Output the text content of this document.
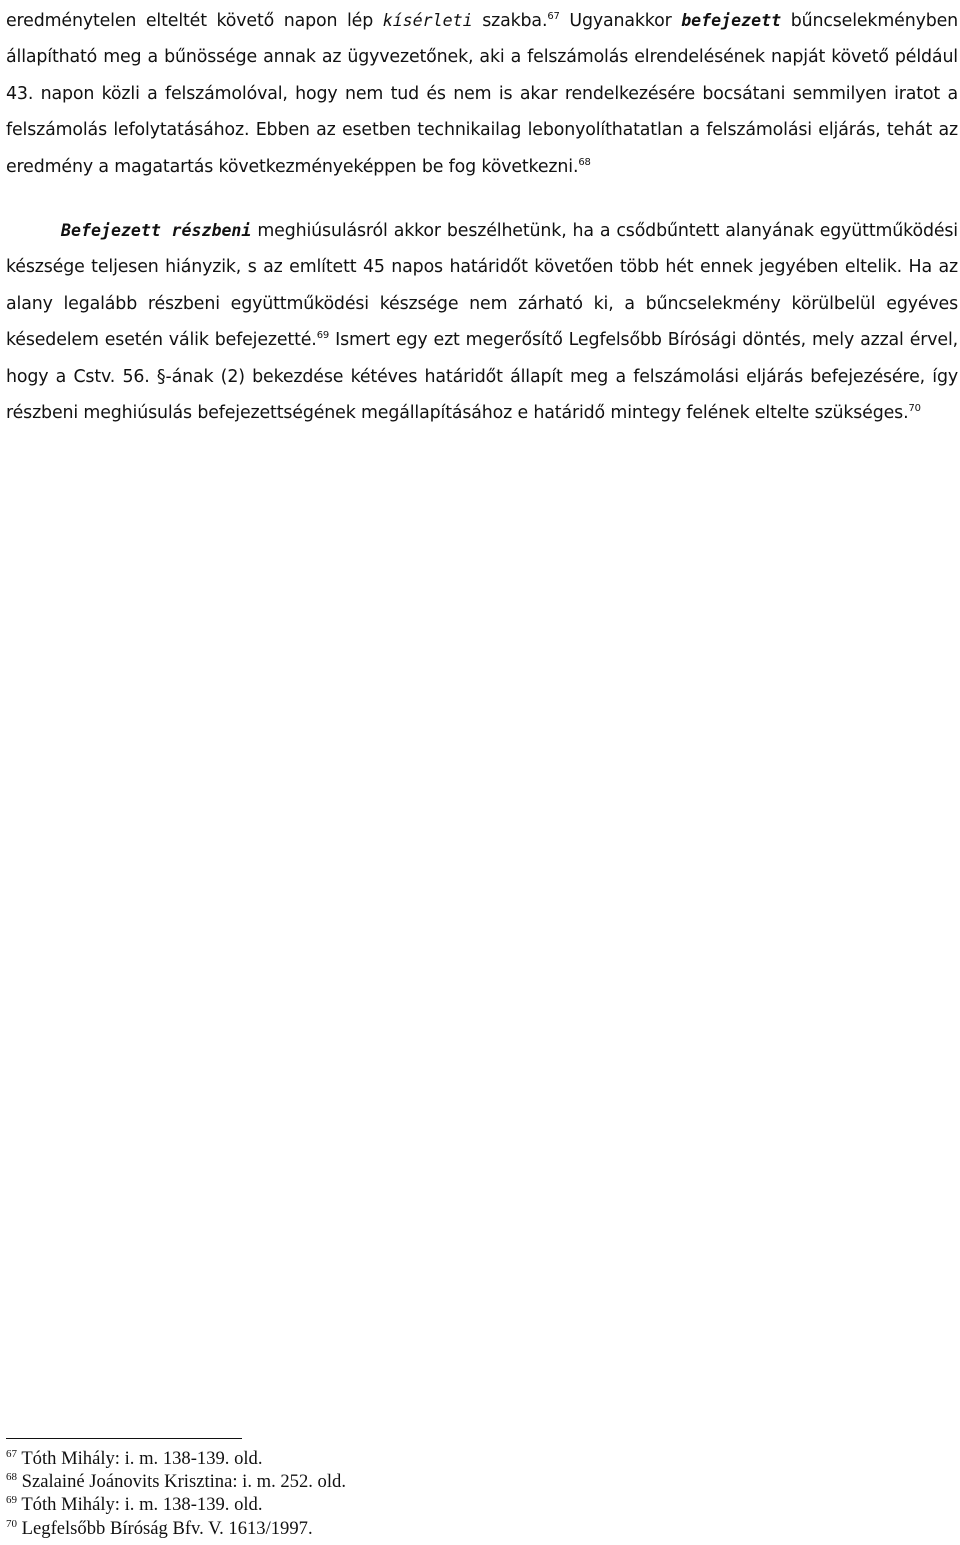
eredménytelen elteltét követő napon lép kísérleti szakba.$^{67}$ Ugyanakkor befejezett bűncselekményben állapítható meg a bűnössége annak az ügyvezetőnek, aki a felszámolás elrendelésének napját követő például 43. napon közli a felszámolóval, hogy nem tud és nem is akar rendelkezésére bocsátani semmilyen iratot a felszámolás lefolytatásához. Ebben az esetben technikailag lebonyolíthatatlan a felszámolási eljárás, tehát az eredmény a magatartás következményeképpen be fog következni.$^{68}$

Befejezett részbeni meghiúsulásról akkor beszélhetünk, ha a csődbűntett alanyának együttműködési készsége teljesen hiányzik, s az említett 45 napos határidőt követően több hét ennek jegyében eltelik. Ha az alany legalább részbeni együttműködési készsége nem zárható ki, a bűncselekmény körülbelül egyéves késedelem esetén válik befejezetté.$^{69}$ Ismert egy ezt megerősítő Legfelsőbb Bírósági döntés, mely azzal érvel, hogy a Cstv. 56. §-ának (2) bekezdése kétéves határidőt állapít meg a felszámolási eljárás befejezésére, így részbeni meghiúsulás befejezettségének megállapításához e határidő mintegy felének eltelte szükséges.$^{70}$

$^{67}$ Tóth Mihály: i. m. 138-139. old.

$^{68}$ Szalainé Joánovits Krisztina: i. m. 252. old.

$^{69}$ Tóth Mihály: i. m. 138-139. old.

$^{70}$ Legfelsőbb Bíróság Bfv. V. 1613/1997.
